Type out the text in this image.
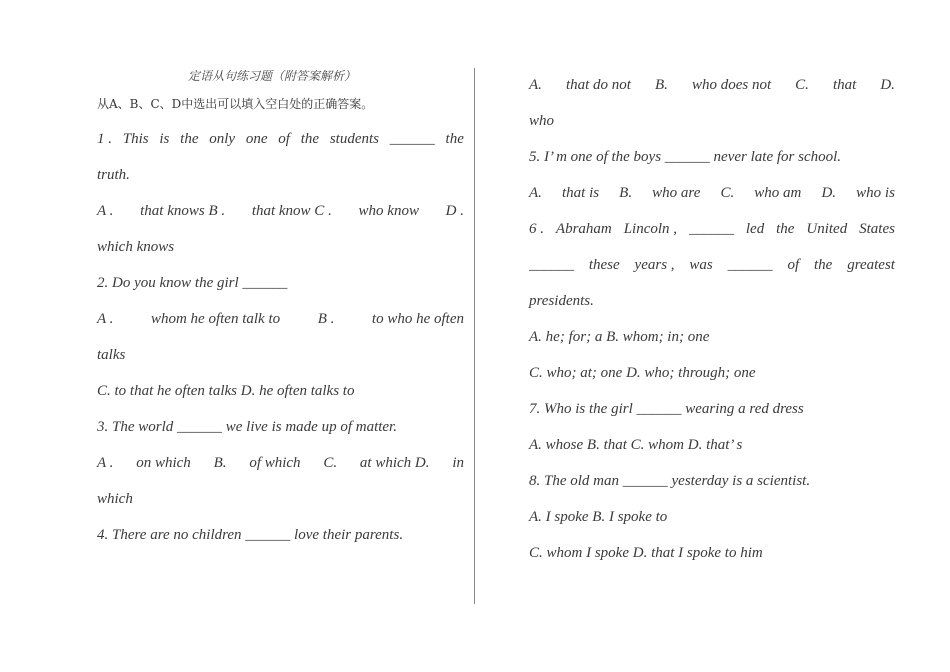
定语从句练习题（附答案解析）
从A、B、C、D中选出可以填入空白处的正确答案。
1 . This is the only one of the students ______ the
truth.
A . that knows B . that know C . who know D .
which knows
2. Do you know the girl ______
A .	whom he often talk to	B .	to who he often
talks
C. to that he often talks D. he often talks to
3. The world ______ we live is made up of matter.
A . on which B. of which C. at which D. in
which
4. There are no children ______ love their parents.
A. that do not B. who does not C. that D.
who
5. I’ m one of the boys ______ never late for school.
A. that is B. who are C. who am D. who is
6 . Abraham Lincoln , ______ led the United States
______ these years , was ______ of the greatest
presidents.
A. he; for; a B. whom; in; one
C. who; at; one D. who; through; one
7. Who is the girl ______ wearing a red dress
A. whose B. that C. whom D. that’ s
8. The old man ______ yesterday is a scientist.
A. I spoke B. I spoke to
C. whom I spoke D. that I spoke to him
